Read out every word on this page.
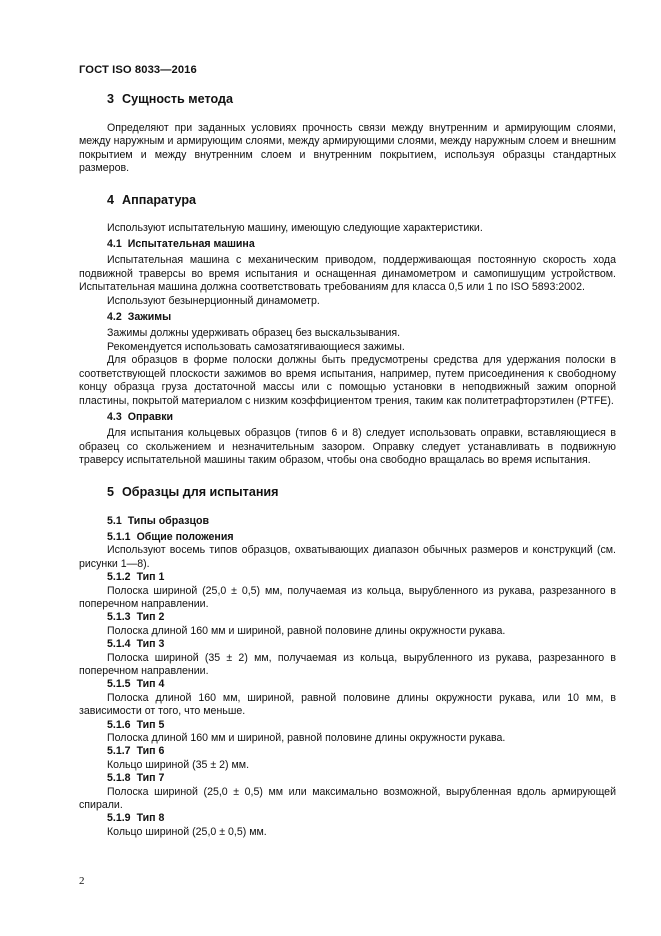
ГОСТ ISO 8033—2016
3 Сущность метода
Определяют при заданных условиях прочность связи между внутренним и армирующим слоями, между наружным и армирующим слоями, между армирующими слоями, между наружным слоем и внешним покрытием и между внутренним слоем и внутренним покрытием, используя образцы стандартных размеров.
4 Аппаратура
Используют испытательную машину, имеющую следующие характеристики.
4.1 Испытательная машина
Испытательная машина с механическим приводом, поддерживающая постоянную скорость хода подвижной траверсы во время испытания и оснащенная динамометром и самопишущим устройством. Испытательная машина должна соответствовать требованиям для класса 0,5 или 1 по ISO 5893:2002.
Используют безынерционный динамометр.
4.2 Зажимы
Зажимы должны удерживать образец без выскальзывания.
Рекомендуется использовать самозатягивающиеся зажимы.
Для образцов в форме полоски должны быть предусмотрены средства для удержания полоски в соответствующей плоскости зажимов во время испытания, например, путем присоединения к свободному концу образца груза достаточной массы или с помощью установки в неподвижный зажим опорной пластины, покрытой материалом с низким коэффициентом трения, таким как политетрафторэтилен (PTFE).
4.3 Оправки
Для испытания кольцевых образцов (типов 6 и 8) следует использовать оправки, вставляющиеся в образец со скольжением и незначительным зазором. Оправку следует устанавливать в подвижную траверсу испытательной машины таким образом, чтобы она свободно вращалась во время испытания.
5 Образцы для испытания
5.1 Типы образцов
5.1.1 Общие положения
Используют восемь типов образцов, охватывающих диапазон обычных размеров и конструкций (см. рисунки 1—8).
5.1.2 Тип 1
Полоска шириной (25,0 ± 0,5) мм, получаемая из кольца, вырубленного из рукава, разрезанного в поперечном направлении.
5.1.3 Тип 2
Полоска длиной 160 мм и шириной, равной половине длины окружности рукава.
5.1.4 Тип 3
Полоска шириной (35 ± 2) мм, получаемая из кольца, вырубленного из рукава, разрезанного в поперечном направлении.
5.1.5 Тип 4
Полоска длиной 160 мм, шириной, равной половине длины окружности рукава, или 10 мм, в зависимости от того, что меньше.
5.1.6 Тип 5
Полоска длиной 160 мм и шириной, равной половине длины окружности рукава.
5.1.7 Тип 6
Кольцо шириной (35 ± 2) мм.
5.1.8 Тип 7
Полоска шириной (25,0 ± 0,5) мм или максимально возможной, вырубленная вдоль армирующей спирали.
5.1.9 Тип 8
Кольцо шириной (25,0 ± 0,5) мм.
2
